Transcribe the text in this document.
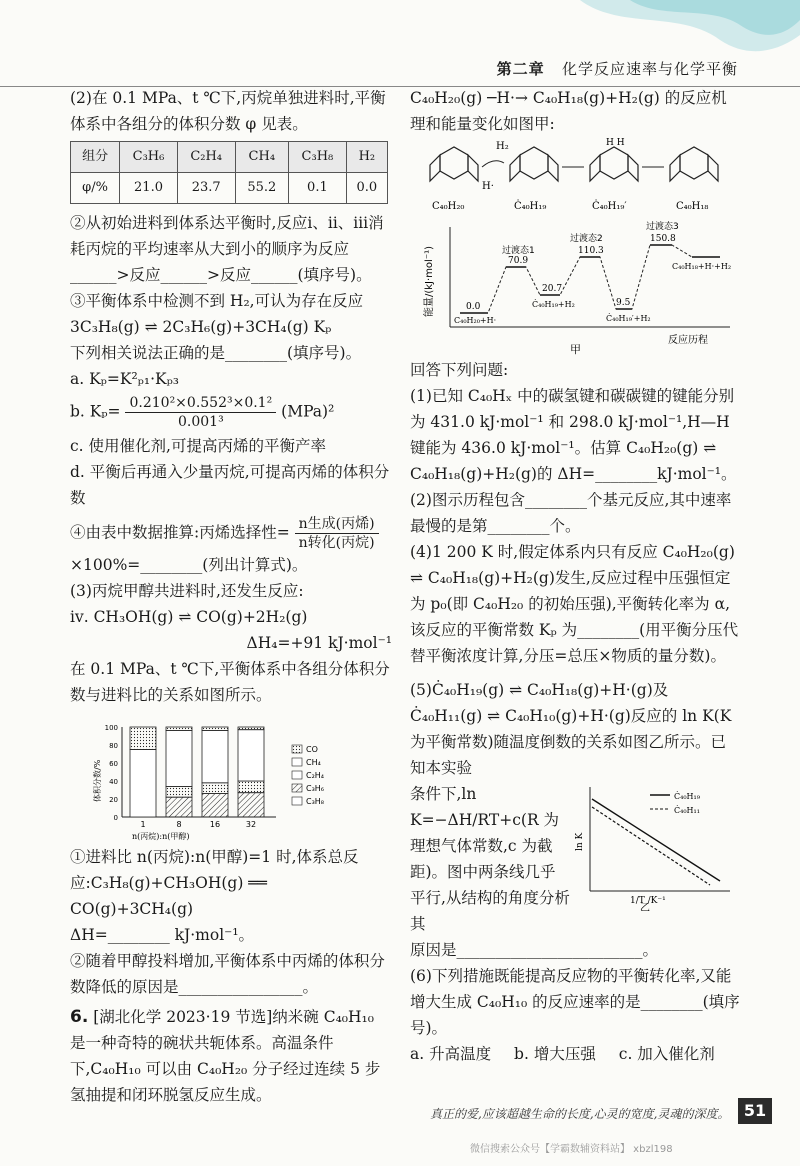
第二章 化学反应速率与化学平衡

(2)在 0.1 MPa、t ℃下,丙烷单独进料时,平衡体系中各组分的体积分数 φ 见表。

组分	C₃H₆	C₂H₄	CH₄	C₃H₈	H₂
φ/%	21.0	23.7	55.2	0.1	0.0

②从初始进料到体系达平衡时,反应ⅰ、ⅱ、ⅲ消耗丙烷的平均速率从大到小的顺序为反应______>反应______>反应______(填序号)。

③平衡体系中检测不到 H₂,可认为存在反应

3C₃H₈(g) ⇌ 2C₃H₆(g)+3CH₄(g) Kₚ

下列相关说法正确的是________(填序号)。

a. Kₚ=K²ₚ₁·Kₚ₃

b. $K_p= \frac{\text{0.210²×0.552³×0.1²}}{\text{0.001³}} (MPa)^2$

c. 使用催化剂,可提高丙烯的平衡产率

d. 平衡后再通入少量丙烷,可提高丙烯的体积分数

④由表中数据推算:丙烯选择性= $\frac{\text{n生成(丙烯)}}{\text{n转化(丙烷)}}$

×100%=________(列出计算式)。

(3)丙烷甲醇共进料时,还发生反应:

ⅳ. CH₃OH(g) ⇌ CO(g)+2H₂(g)

ΔH₄=+91 kJ·mol⁻¹

在 0.1 MPa、t ℃下,平衡体系中各组分体积分数与进料比的关系如图所示。

0
20
40
60
80
100
体积分数/%
1	8	16	32
n(丙烷):n(甲醇)
CO
CH₄
C₂H₄
C₃H₆
C₃H₈

①进料比 n(丙烷):n(甲醇)=1 时,体系总反应:C₃H₈(g)+CH₃OH(g) ══ CO(g)+3CH₄(g)

ΔH=________ kJ·mol⁻¹。

②随着甲醇投料增加,平衡体系中丙烯的体积分数降低的原因是________________。

6. [湖北化学 2023·19 节选]纳米碗 C₄₀H₁₀ 是一种奇特的碗状共轭体系。高温条件下,C₄₀H₁₀ 可以由 C₄₀H₂₀ 分子经过连续 5 步氢抽提和闭环脱氢反应生成。

C₄₀H₂₀(g) ─H·→ C₄₀H₁₈(g)+H₂(g) 的反应机理和能量变化如图甲:

H₂	H H
H·
C₄₀H₂₀	Ċ₄₀H₁₉	Ċ₄₀H₁₉′	C₄₀H₁₈
能量/(kJ·mol⁻¹)
反应历程
0.0
70.9
20.7
110.3
9.5
150.8
过渡态1
过渡态2
过渡态3
C₄₀H₂₀+H·
Ċ₄₀H₁₉+H₂
Ċ₄₀H₁₉′+H₂
C₄₀H₁₈+H·+H₂
甲

回答下列问题:

(1)已知 C₄₀Hₓ 中的碳氢键和碳碳键的键能分别为 431.0 kJ·mol⁻¹ 和 298.0 kJ·mol⁻¹,H—H 键能为 436.0 kJ·mol⁻¹。估算 C₄₀H₂₀(g) ⇌ C₄₀H₁₈(g)+H₂(g)的 ΔH=________kJ·mol⁻¹。

(2)图示历程包含________个基元反应,其中速率最慢的是第________个。

(4)1 200 K 时,假定体系内只有反应 C₄₀H₂₀(g) ⇌ C₄₀H₁₈(g)+H₂(g)发生,反应过程中压强恒定为 p₀(即 C₄₀H₂₀ 的初始压强),平衡转化率为 α,该反应的平衡常数 Kₚ 为________(用平衡分压代替平衡浓度计算,分压=总压×物质的量分数)。

(5)Ċ₄₀H₁₉(g) ⇌ C₄₀H₁₈(g)+H·(g)及 Ċ₄₀H₁₁(g) ⇌ C₄₀H₁₀(g)+H·(g)反应的 ln K(K 为平衡常数)随温度倒数的关系如图乙所示。已知本实验

条件下,ln K=−ΔH/RT+c(R 为理想气体常数,c 为截距)。图中两条线几乎平行,从结构的角度分析其

Ċ₄₀H₁₉
Ċ₄₀H₁₁
ln K
1/T /K⁻¹
乙

原因是________________________。

(6)下列措施既能提高反应物的平衡转化率,又能增大生成 C₄₀H₁₀ 的反应速率的是________(填序号)。

a. 升高温度 b. 增大压强 c. 加入催化剂

真正的爱,应该超越生命的长度,心灵的宽度,灵魂的深度。 51
微信搜索公众号【学霸数辅资料站】 xbzl198
